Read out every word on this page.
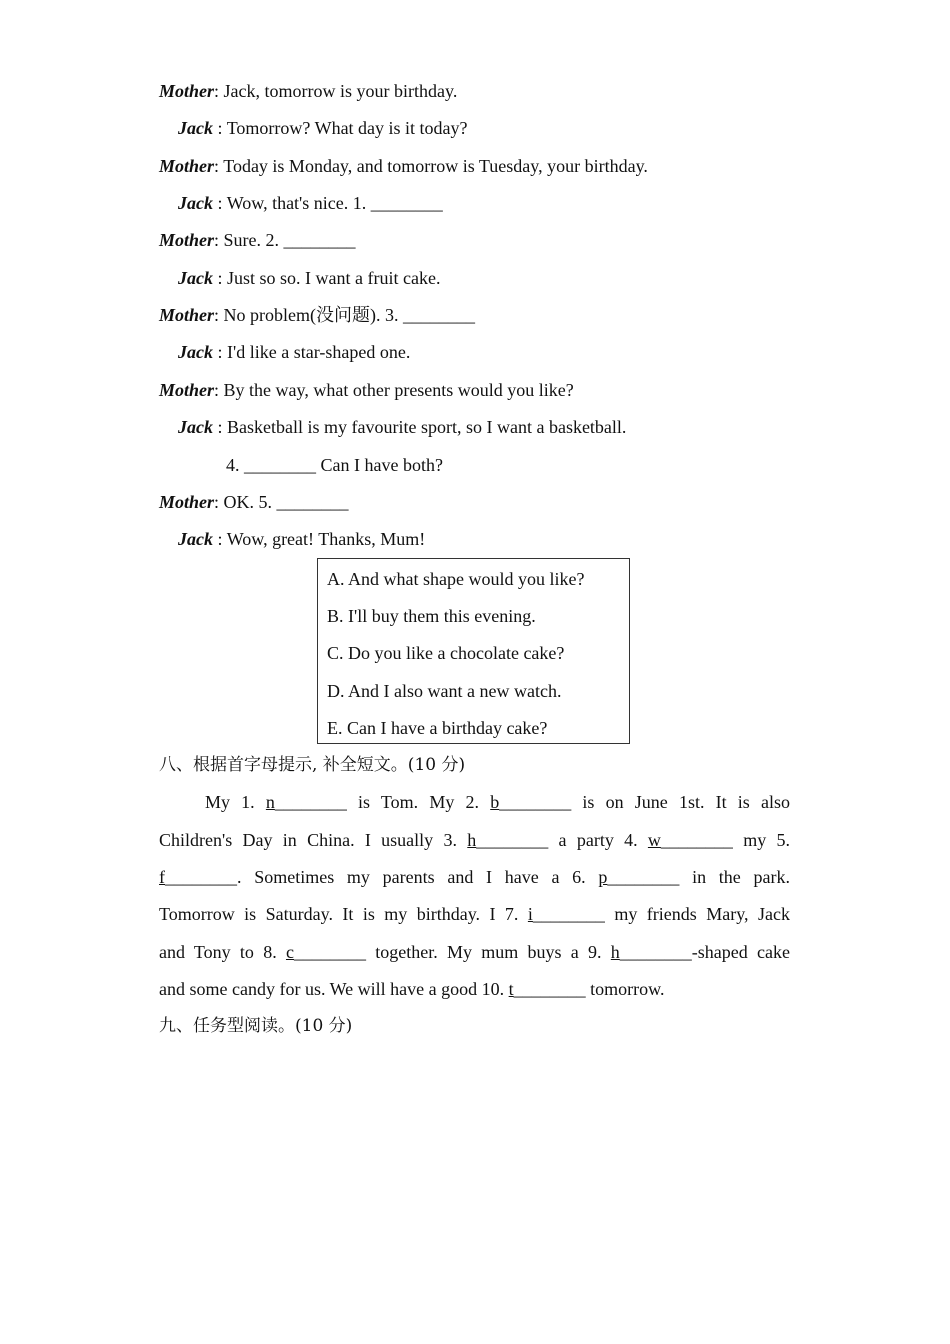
Mother: Jack, tomorrow is your birthday.
Jack : Tomorrow? What day is it today?
Mother: Today is Monday, and tomorrow is Tuesday, your birthday.
Jack : Wow, that's nice. 1. ________
Mother: Sure. 2. ________
Jack : Just so so. I want a fruit cake.
Mother: No problem(没问题). 3. ________
Jack : I'd like a star-shaped one.
Mother: By the way, what other presents would you like?
Jack : Basketball is my favourite sport, so I want a basketball.
4. ________ Can I have both?
Mother: OK. 5. ________
Jack : Wow, great! Thanks, Mum!
A. And what shape would you like?
B. I'll buy them this evening.
C. Do you like a chocolate cake?
D. And I also want a new watch.
E. Can I have a birthday cake?
八、根据首字母提示, 补全短文。(10 分)
My 1. n________ is Tom. My 2. b________ is on June 1st. It is also
Children's Day in China. I usually 3. h________ a party 4. w________ my 5.
f________. Sometimes my parents and I have a 6. p________ in the park.
Tomorrow is Saturday. It is my birthday. I 7. i________ my friends Mary, Jack
and Tony to 8. c________ together. My mum buys a 9. h________-shaped cake
and some candy for us. We will have a good 10. t________ tomorrow.
九、任务型阅读。(10 分)
